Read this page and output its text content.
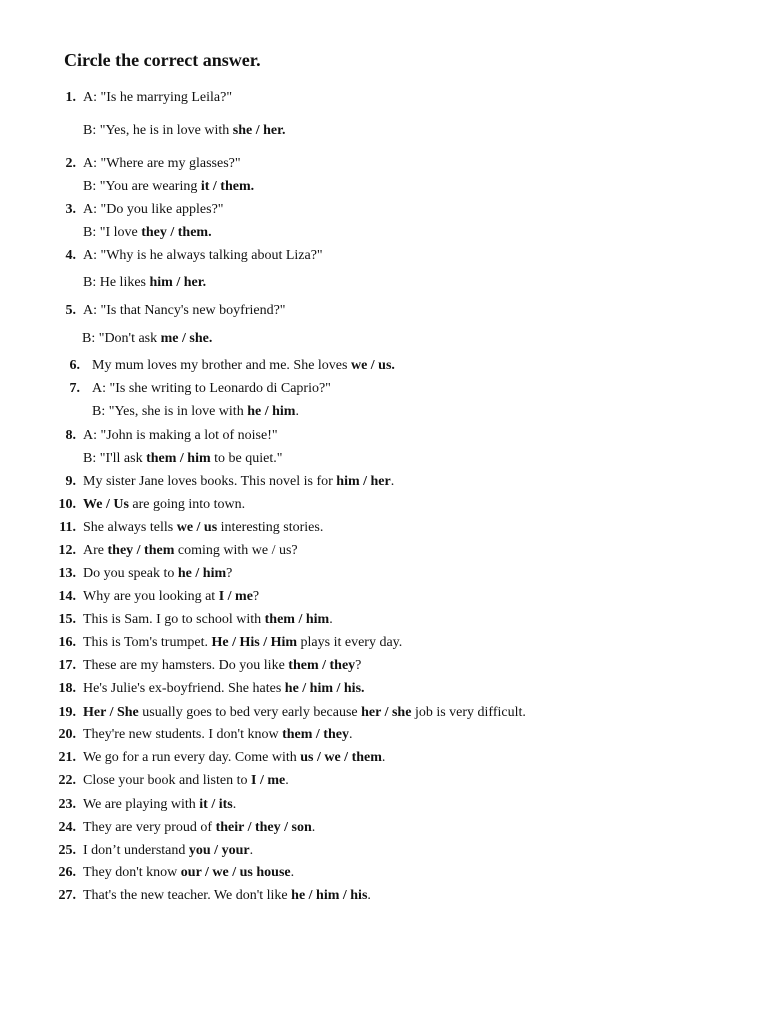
Circle the correct answer.
1. A: "Is he marrying Leila?"
B: "Yes, he is in love with she / her.
2. A: "Where are my glasses?"
B: "You are wearing it / them.
3. A: "Do you like apples?"
B: "I love they / them.
4. A: "Why is he always talking about Liza?"
B: He likes him / her.
5. A: "Is that Nancy's new boyfriend?"
B: "Don't ask me / she.
6. My mum loves my brother and me. She loves we / us.
7. A: "Is she writing to Leonardo di Caprio?"
B: "Yes, she is in love with he / him.
8. A: "John is making a lot of noise!"
B: "I'll ask them / him to be quiet."
9. My sister Jane loves books. This novel is for him / her.
10. We / Us are going into town.
11. She always tells we / us interesting stories.
12. Are they / them coming with we / us?
13. Do you speak to he / him?
14. Why are you looking at I / me?
15. This is Sam. I go to school with them / him.
16. This is Tom's trumpet. He / His / Him plays it every day.
17. These are my hamsters. Do you like them / they?
18. He's Julie's ex-boyfriend. She hates he / him / his.
19. Her / She usually goes to bed very early because her / she job is very difficult.
20. They're new students. I don't know them / they.
21. We go for a run every day. Come with us / we / them.
22. Close your book and listen to I / me.
23. We are playing with it / its.
24. They are very proud of their / they / son.
25. I don’t understand you / your.
26. They don't know our / we / us house.
27. That's the new teacher. We don't like he / him / his.
